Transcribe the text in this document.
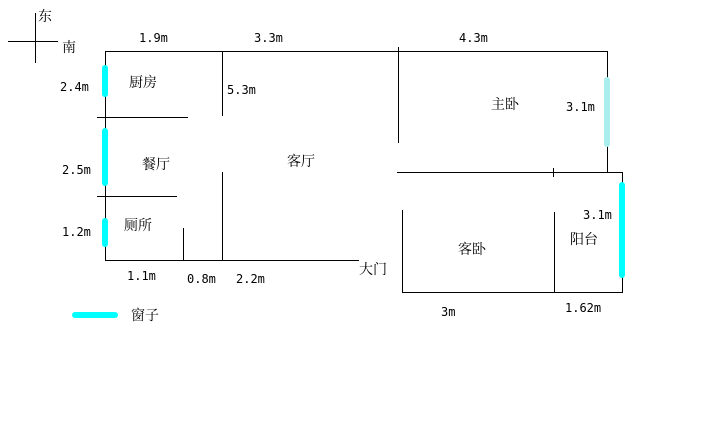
东
南
厨房
餐厅
厕所
客厅
主卧
客卧
阳台
大门
1.9m	3.3m	4.3m
2.4m	5.3m
3.1m
2.5m
1.2m
1.1m	0.8m 2.2m
3.1m
3m	1.62m
窗子
